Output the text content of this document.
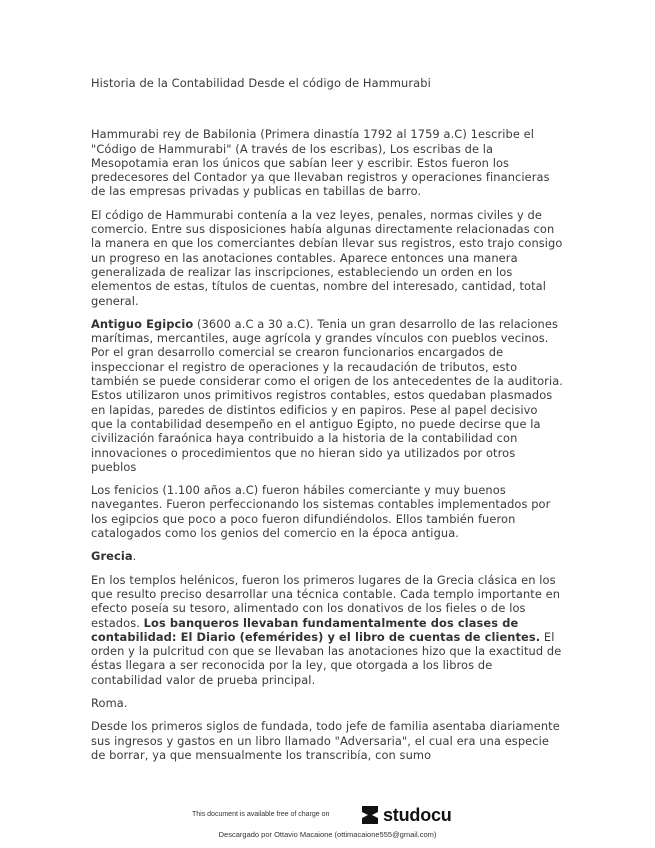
Historia de la Contabilidad Desde el código de Hammurabi

Hammurabi rey de Babilonia (Primera dinastía 1792 al 1759 a.C) 1escribe el "Código de Hammurabi" (A través de los escribas), Los escribas de la Mesopotamia eran los únicos que sabían leer y escribir. Estos fueron los predecesores del Contador ya que llevaban registros y operaciones financieras de las empresas privadas y publicas en tabillas de barro.

El código de Hammurabi contenía a la vez leyes, penales, normas civiles y de comercio. Entre sus disposiciones había algunas directamente relacionadas con la manera en que los comerciantes debían llevar sus registros, esto trajo consigo un progreso en las anotaciones contables. Aparece entonces una manera generalizada de realizar las inscripciones, estableciendo un orden en los elementos de estas, títulos de cuentas, nombre del interesado, cantidad, total general.

Antiguo Egipcio (3600 a.C a 30 a.C). Tenia un gran desarrollo de las relaciones marítimas, mercantiles, auge agrícola y grandes vínculos con pueblos vecinos. Por el gran desarrollo comercial se crearon funcionarios encargados de inspeccionar el registro de operaciones y la recaudación de tributos, esto también se puede considerar como el origen de los antecedentes de la auditoria. Estos utilizaron unos primitivos registros contables, estos quedaban plasmados en lapidas, paredes de distintos edificios y en papiros. Pese al papel decisivo que la contabilidad desempeño en el antiguo Egipto, no puede decirse que la civilización faraónica haya contribuido a la historia de la contabilidad con innovaciones o procedimientos que no hieran sido ya utilizados por otros pueblos

Los fenicios (1.100 años a.C) fueron hábiles comerciante y muy buenos navegantes. Fueron perfeccionando los sistemas contables implementados por los egipcios que poco a poco fueron difundiéndolos. Ellos también fueron catalogados como los genios del comercio en la época antigua.

Grecia.

En los templos helénicos, fueron los primeros lugares de la Grecia clásica en los que resulto preciso desarrollar una técnica contable. Cada templo importante en efecto poseía su tesoro, alimentado con los donativos de los fieles o de los estados. Los banqueros llevaban fundamentalmente dos clases de contabilidad: El Diario (efemérides) y el libro de cuentas de clientes. El orden y la pulcritud con que se llevaban las anotaciones hizo que la exactitud de éstas llegara a ser reconocida por la ley, que otorgada a los libros de contabilidad valor de prueba principal.

Roma.

Desde los primeros siglos de fundada, todo jefe de familia asentaba diariamente sus ingresos y gastos en un libro llamado "Adversaria", el cual era una especie de borrar, ya que mensualmente los transcribía, con sumo

This document is available free of charge on	studocu
Descargado por Ottavio Macaione (ottimacaione555@gmail.com)
